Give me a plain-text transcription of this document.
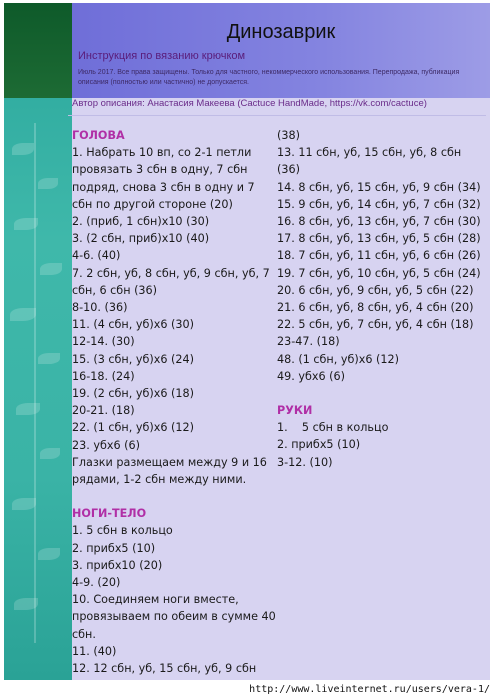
Динозаврик
Инструкция по вязанию крючком
Июль 2017. Все права защищены. Только для частного, некоммерческого использования. Перепродажа, публикация описания (полностью или частично) не допускается.
Автор описания: Анастасия Макеева (Cactuce HandMade, https://vk.com/cactuce)
ГОЛОВА
1. Набрать 10 вп, со 2-1 петли провязать 3 сбн в одну, 7 сбн подряд, снова 3 сбн в одну и 7 сбн по другой стороне (20)
2. (приб, 1 сбн)х10 (30)
3. (2 сбн, приб)х10 (40)
4-6. (40)
7. 2 сбн, уб, 8 сбн, уб, 9 сбн, уб, 7 сбн, 6 сбн (36)
8-10. (36)
11. (4 сбн, уб)х6 (30)
12-14. (30)
15. (3 сбн, уб)х6 (24)
16-18. (24)
19. (2 сбн, уб)х6 (18)
20-21. (18)
22. (1 сбн, уб)х6 (12)
23. убх6 (6)
Глазки размещаем между 9 и 16 рядами, 1-2 сбн между ними.
НОГИ-ТЕЛО
1. 5 сбн в кольцо
2. прибх5 (10)
3. прибх10 (20)
4-9. (20)
10. Соединяем ноги вместе, провязываем по обеим в сумме 40 сбн.
11. (40)
12. 12 сбн, уб, 15 сбн, уб, 9 сбн
(38)
13. 11 сбн, уб, 15 сбн, уб, 8 сбн (36)
14. 8 сбн, уб, 15 сбн, уб, 9 сбн (34)
15. 9 сбн, уб, 14 сбн, уб, 7 сбн (32)
16. 8 сбн, уб, 13 сбн, уб, 7 сбн (30)
17. 8 сбн, уб, 13 сбн, уб, 5 сбн (28)
18. 7 сбн, уб, 11 сбн, уб, 6 сбн (26)
19. 7 сбн, уб, 10 сбн, уб, 5 сбн (24)
20. 6 сбн, уб, 9 сбн, уб, 5 сбн (22)
21. 6 сбн, уб, 8 сбн, уб, 4 сбн (20)
22. 5 сбн, уб, 7 сбн, уб, 4 сбн (18)
23-47. (18)
48. (1 сбн, уб)х6 (12)
49. убх6 (6)
РУКИ
1.    5 сбн в кольцо
2. прибх5 (10)
3-12. (10)
http://www.liveinternet.ru/users/vera-1/
